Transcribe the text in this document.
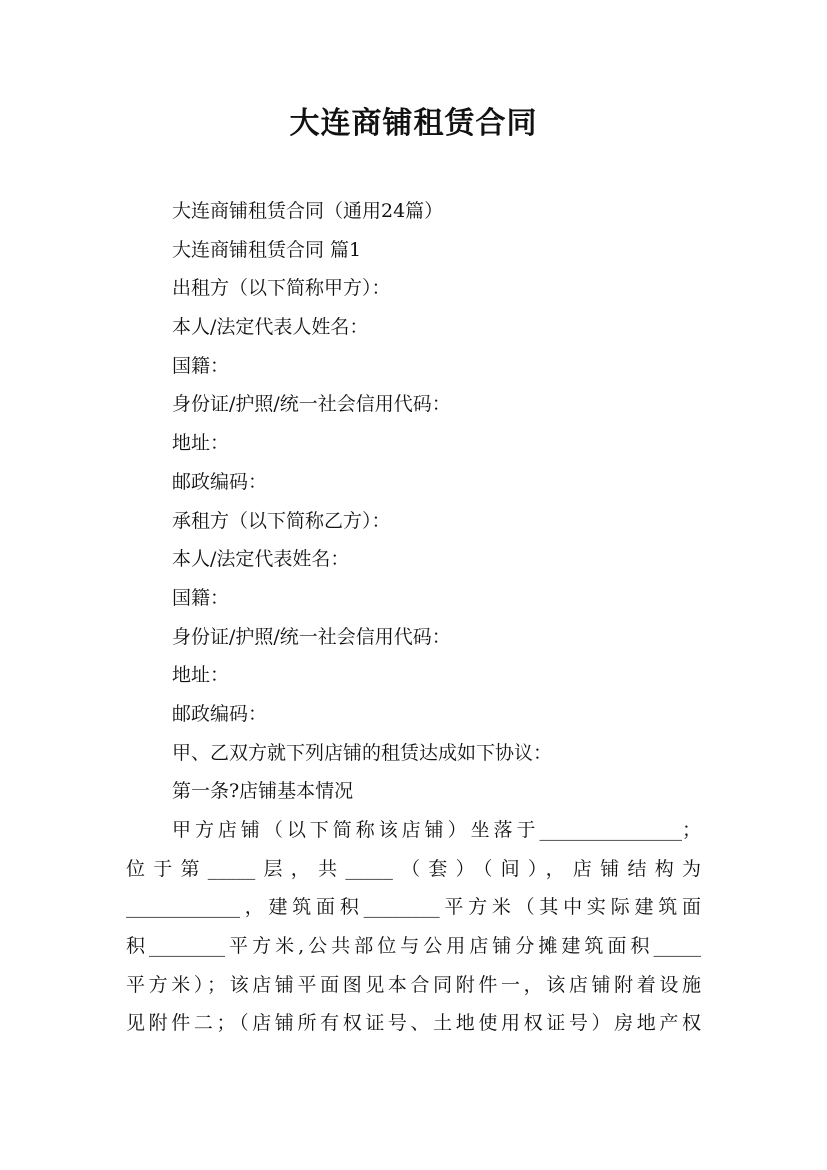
大连商铺租赁合同
大连商铺租赁合同（通用24篇）
大连商铺租赁合同 篇1
出租方（以下简称甲方）：
本人/法定代表人姓名：
国籍：
身份证/护照/统一社会信用代码：
地址：
邮政编码：
承租方（以下简称乙方）：
本人/法定代表姓名：
国籍：
身份证/护照/统一社会信用代码：
地址：
邮政编码：
甲、乙双方就下列店铺的租赁达成如下协议：
第一条?店铺基本情况
甲方店铺（以下简称该店铺）坐落于_______________；
位于第_____层，共_____（套）（间），店铺结构为
____________，建筑面积________平方米（其中实际建筑面
积________平方米,公共部位与公用店铺分摊建筑面积_____
平方米）；该店铺平面图见本合同附件一，该店铺附着设施
见附件二；（店铺所有权证号、土地使用权证号）房地产权
